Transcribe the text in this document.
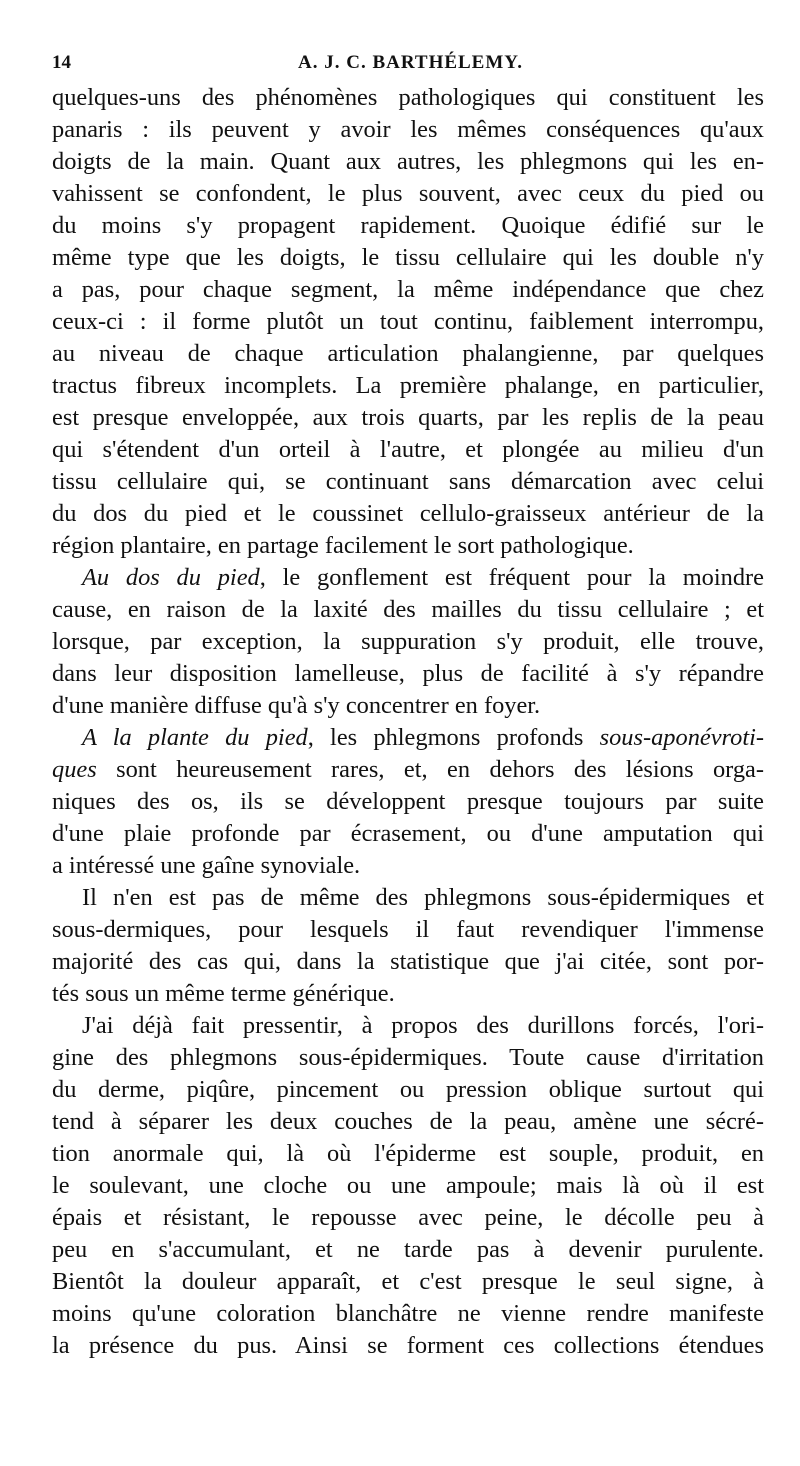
14	A. J. C. BARTHÉLEMY.

quelques-uns des phénomènes pathologiques qui constituent les

panaris : ils peuvent y avoir les mêmes conséquences qu'aux

doigts de la main. Quant aux autres, les phlegmons qui les en-

vahissent se confondent, le plus souvent, avec ceux du pied ou

du moins s'y propagent rapidement. Quoique édifié sur le

même type que les doigts, le tissu cellulaire qui les double n'y

a pas, pour chaque segment, la même indépendance que chez

ceux-ci : il forme plutôt un tout continu, faiblement interrompu,

au niveau de chaque articulation phalangienne, par quelques

tractus fibreux incomplets. La première phalange, en particulier,

est presque enveloppée, aux trois quarts, par les replis de la peau

qui s'étendent d'un orteil à l'autre, et plongée au milieu d'un

tissu cellulaire qui, se continuant sans démarcation avec celui

du dos du pied et le coussinet cellulo-graisseux antérieur de la

région plantaire, en partage facilement le sort pathologique.

Au dos du pied, le gonflement est fréquent pour la moindre

cause, en raison de la laxité des mailles du tissu cellulaire ; et

lorsque, par exception, la suppuration s'y produit, elle trouve,

dans leur disposition lamelleuse, plus de facilité à s'y répandre

d'une manière diffuse qu'à s'y concentrer en foyer.

A la plante du pied, les phlegmons profonds sous-aponévroti-

ques sont heureusement rares, et, en dehors des lésions orga-

niques des os, ils se développent presque toujours par suite

d'une plaie profonde par écrasement, ou d'une amputation qui

a intéressé une gaîne synoviale.

Il n'en est pas de même des phlegmons sous-épidermiques et

sous-dermiques, pour lesquels il faut revendiquer l'immense

majorité des cas qui, dans la statistique que j'ai citée, sont por-

tés sous un même terme générique.

J'ai déjà fait pressentir, à propos des durillons forcés, l'ori-

gine des phlegmons sous-épidermiques. Toute cause d'irritation

du derme, piqûre, pincement ou pression oblique surtout qui

tend à séparer les deux couches de la peau, amène une sécré-

tion anormale qui, là où l'épiderme est souple, produit, en

le soulevant, une cloche ou une ampoule; mais là où il est

épais et résistant, le repousse avec peine, le décolle peu à

peu en s'accumulant, et ne tarde pas à devenir purulente.

Bientôt la douleur apparaît, et c'est presque le seul signe, à

moins qu'une coloration blanchâtre ne vienne rendre manifeste

la présence du pus. Ainsi se forment ces collections étendues
